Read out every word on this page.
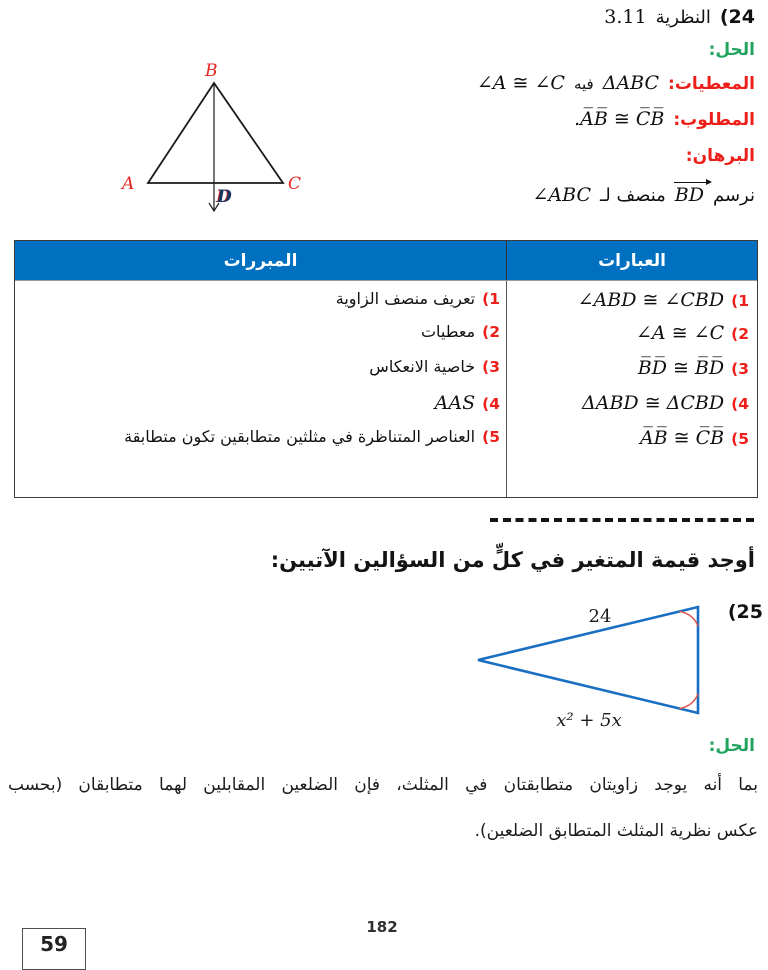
3.11 النظرية (24
الحل:
∠A ≅ ∠C فيه ΔABC المعطيات:
.A̅B̅ ≅ C̅B̅ المطلوب:
البرهان:
∠ABC منصف لـ BD نرسم
B
A	C
D
المبررات	العبارات
تعريف منصف الزاوية (1
معطيات (2
خاصية الانعكاس (3
AAS (4
العناصر المتناظرة في مثلثين متطابقين تكون متطابقة (5
∠ABD ≅ ∠CBD (1
∠A ≅ ∠C (2
B̅D̅ ≅ B̅D̅ (3
ΔABD ≅ ΔCBD (4
A̅B̅ ≅ C̅B̅ (5
أوجد قيمة المتغير في كلٍّ من السؤالين الآتيين:
(25
24
x² + 5x
الحل:
بما أنه يوجد زاويتان متطابقتان في المثلث، فإن الضلعين المقابلين لهما متطابقان (بحسب
عكس نظرية المثلث المتطابق الضلعين).
182
59
